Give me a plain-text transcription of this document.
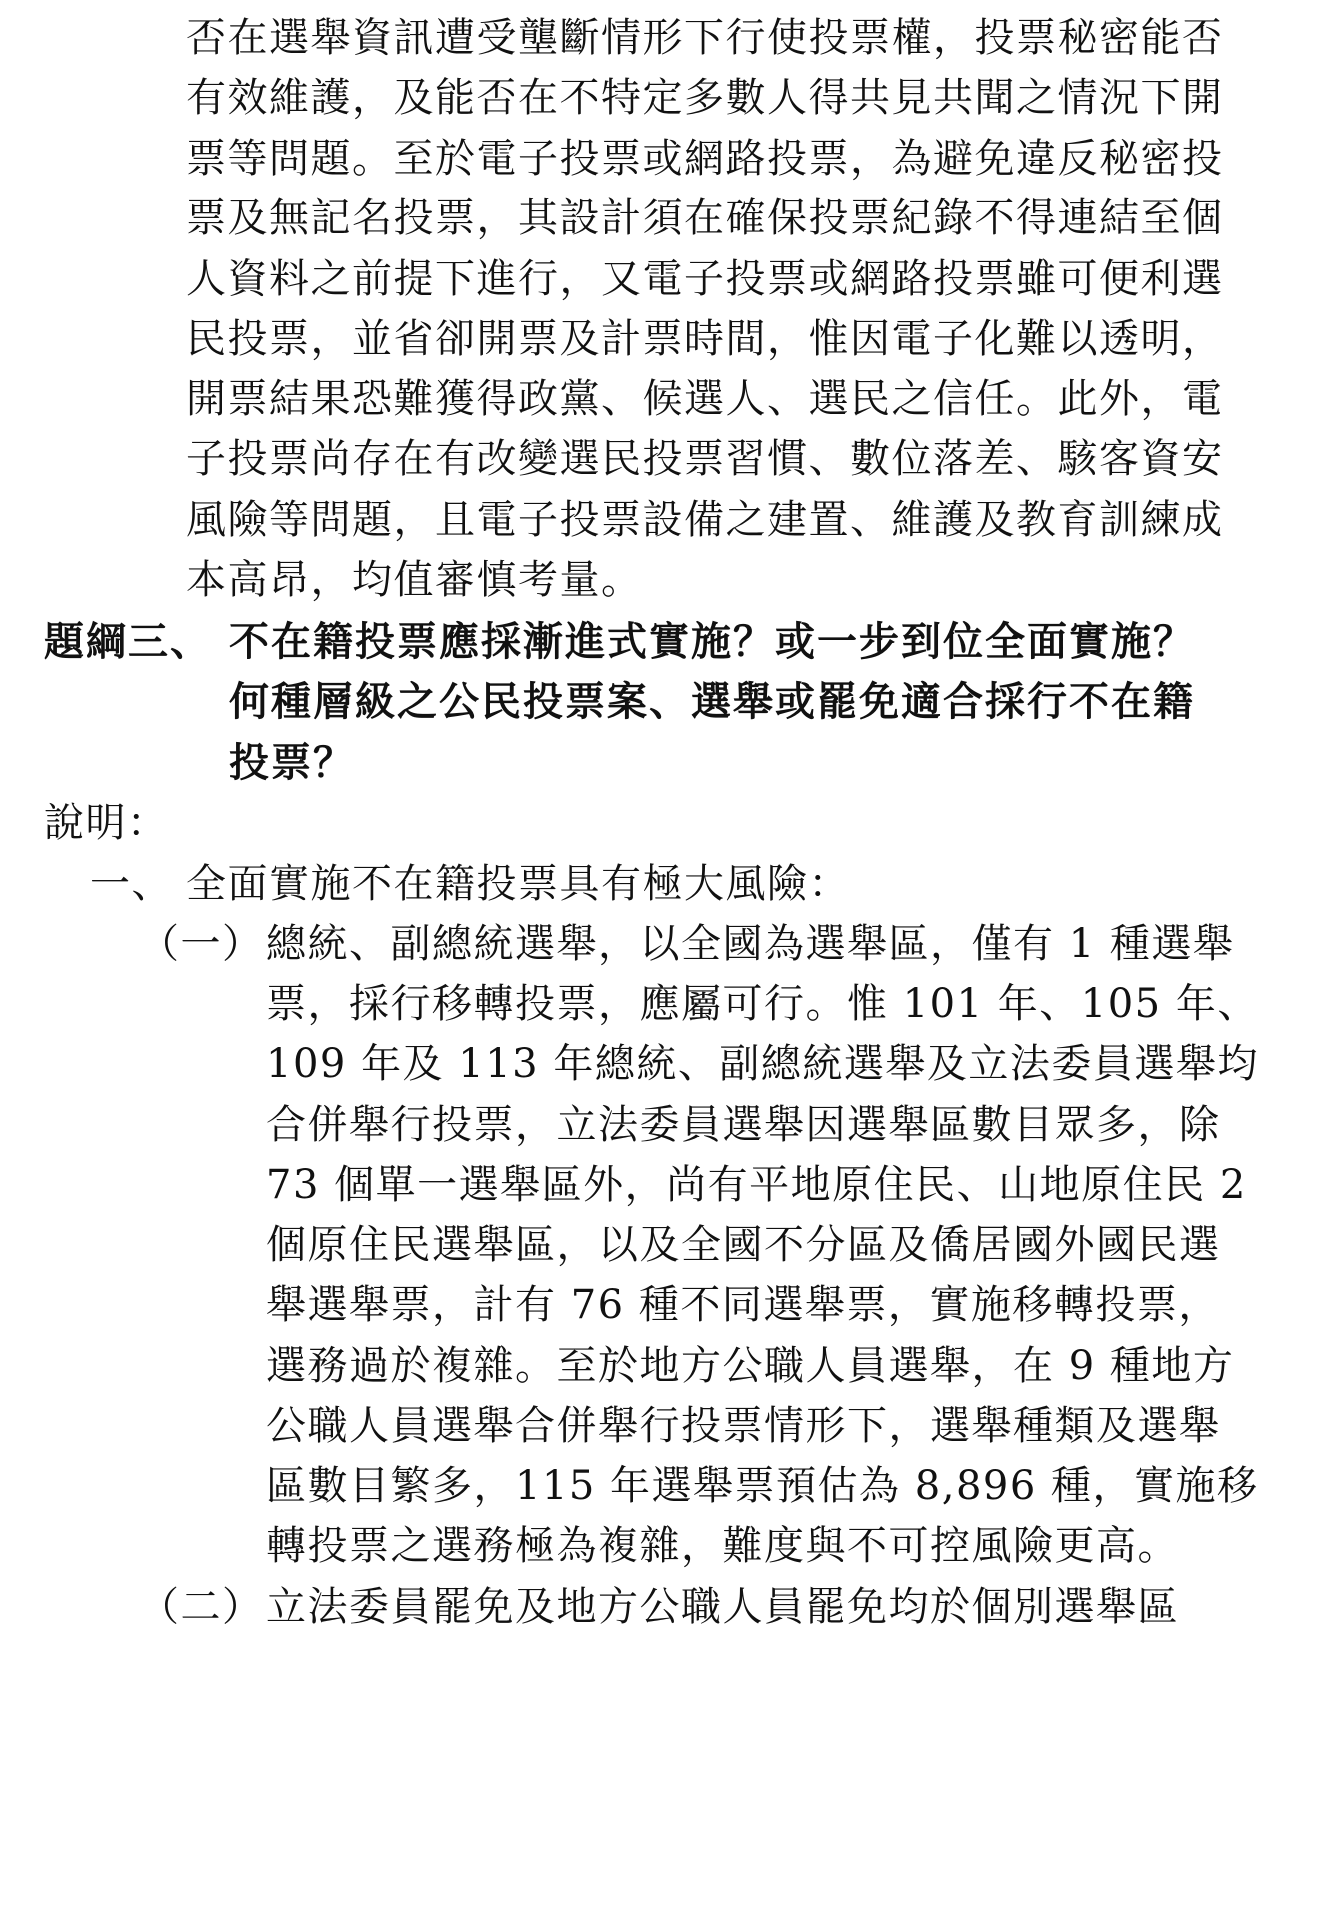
否在選舉資訊遭受壟斷情形下行使投票權，投票秘密能否
有效維護，及能否在不特定多數人得共見共聞之情況下開
票等問題。至於電子投票或網路投票，為避免違反秘密投
票及無記名投票，其設計須在確保投票紀錄不得連結至個
人資料之前提下進行，又電子投票或網路投票雖可便利選
民投票，並省卻開票及計票時間，惟因電子化難以透明，
開票結果恐難獲得政黨、候選人、選民之信任。此外，電
子投票尚存在有改變選民投票習慣、數位落差、駭客資安
風險等問題，且電子投票設備之建置、維護及教育訓練成
本高昂，均值審慎考量。
題綱三、 不在籍投票應採漸進式實施？或一步到位全面實施？
何種層級之公民投票案、選舉或罷免適合採行不在籍
投票？
說明：
一、 全面實施不在籍投票具有極大風險：
（一） 總統、副總統選舉，以全國為選舉區，僅有 1 種選舉
票，採行移轉投票，應屬可行。惟 101 年、105 年、
109 年及 113 年總統、副總統選舉及立法委員選舉均
合併舉行投票，立法委員選舉因選舉區數目眾多，除
73 個單一選舉區外，尚有平地原住民、山地原住民 2
個原住民選舉區，以及全國不分區及僑居國外國民選
舉選舉票，計有 76 種不同選舉票，實施移轉投票，
選務過於複雜。至於地方公職人員選舉，在 9 種地方
公職人員選舉合併舉行投票情形下，選舉種類及選舉
區數目繁多，115 年選舉票預估為 8,896 種，實施移
轉投票之選務極為複雜，難度與不可控風險更高。
（二） 立法委員罷免及地方公職人員罷免均於個別選舉區
